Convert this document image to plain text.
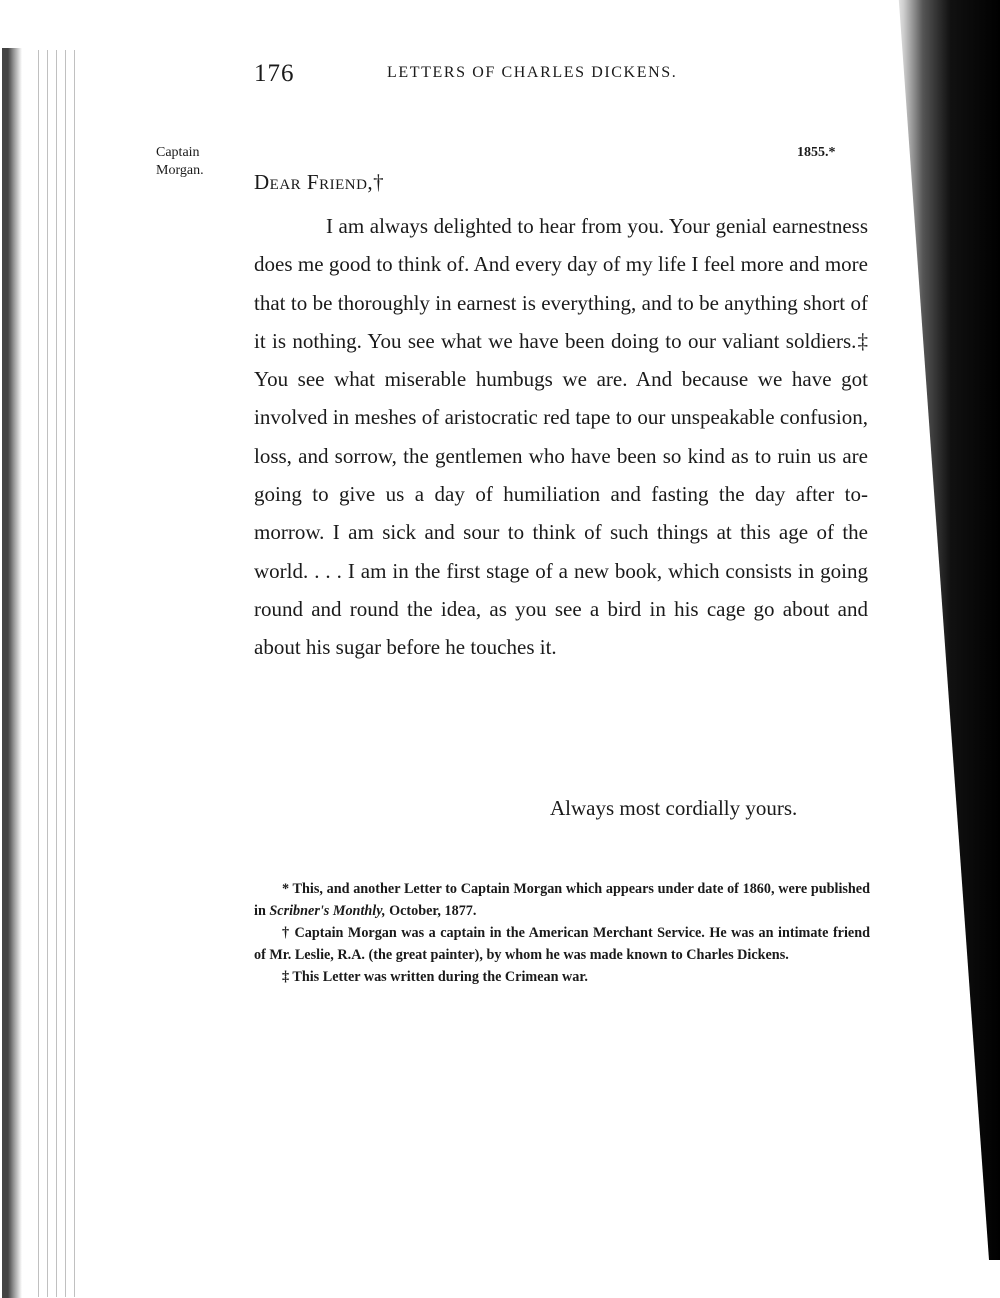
176	LETTERS OF CHARLES DICKENS.
Captain
Morgan.
1855.*
Dear Friend,†

I am always delighted to hear from you. Your genial earnestness does me good to think of. And every day of my life I feel more and more that to be thoroughly in earnest is everything, and to be anything short of it is nothing. You see what we have been doing to our valiant soldiers.‡ You see what miserable humbugs we are. And because we have got involved in meshes of aristocratic red tape to our unspeakable confusion, loss, and sorrow, the gentlemen who have been so kind as to ruin us are going to give us a day of humiliation and fasting the day after to-morrow. I am sick and sour to think of such things at this age of the world. . . . I am in the first stage of a new book, which consists in going round and round the idea, as you see a bird in his cage go about and about his sugar before he touches it.

Always most cordially yours.

* This, and another Letter to Captain Morgan which appears under date of 1860, were published in Scribner's Monthly, October, 1877.

† Captain Morgan was a captain in the American Merchant Service. He was an intimate friend of Mr. Leslie, R.A. (the great painter), by whom he was made known to Charles Dickens.

‡ This Letter was written during the Crimean war.
